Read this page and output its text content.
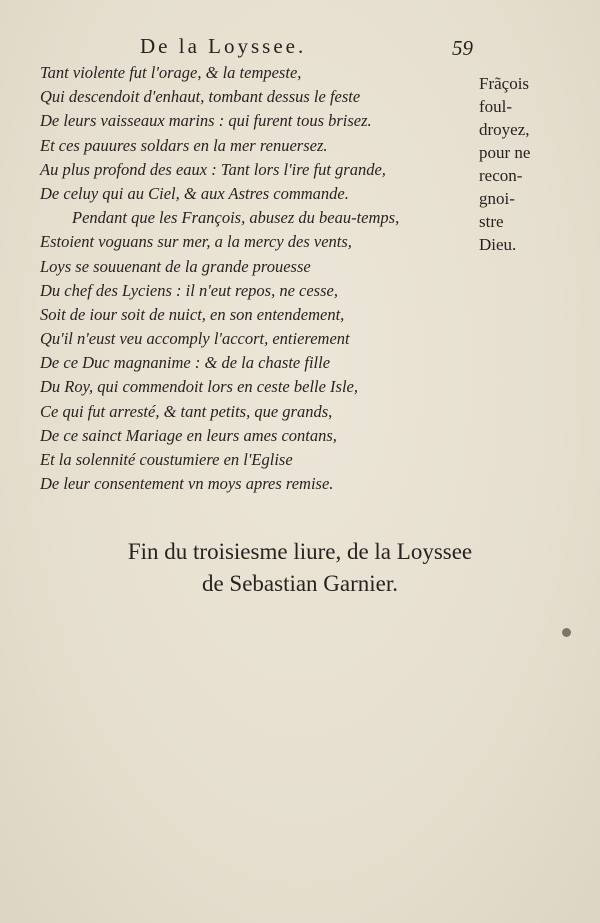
De la Loyssee.	59
Tant violente fut l'orage, & la tempeste,
Qui descendoit d'enhaut, tombant dessus le feste
De leurs vaisseaux marins : qui furent tous brisez.
Et ces pauures soldars en la mer renuersez.
Au plus profond des eaux : Tant lors l'ire fut grande,
De celuy qui au Ciel, & aux Astres commande.
Pendant que les François, abusez du beau-temps,
Estoient voguans sur mer, a la mercy des vents,
Loys se souuenant de la grande prouesse
Du chef des Lyciens : il n'eut repos, ne cesse,
Soit de iour soit de nuict, en son entendement,
Qu'il n'eust veu accomply l'accort, entierement
De ce Duc magnanime : & de la chaste fille
Du Roy, qui commendoit lors en ceste belle Isle,
Ce qui fut arresté, & tant petits, que grands,
De ce sainct Mariage en leurs ames contans,
Et la solennité coustumiere en l'Eglise
De leur consentement vn moys apres remise.
Frãçois
foul-
droyez,
pour ne
recon-
gnoi-
stre
Dieu.
Fin du troisiesme liure, de la Loyssee
de Sebastian Garnier.
